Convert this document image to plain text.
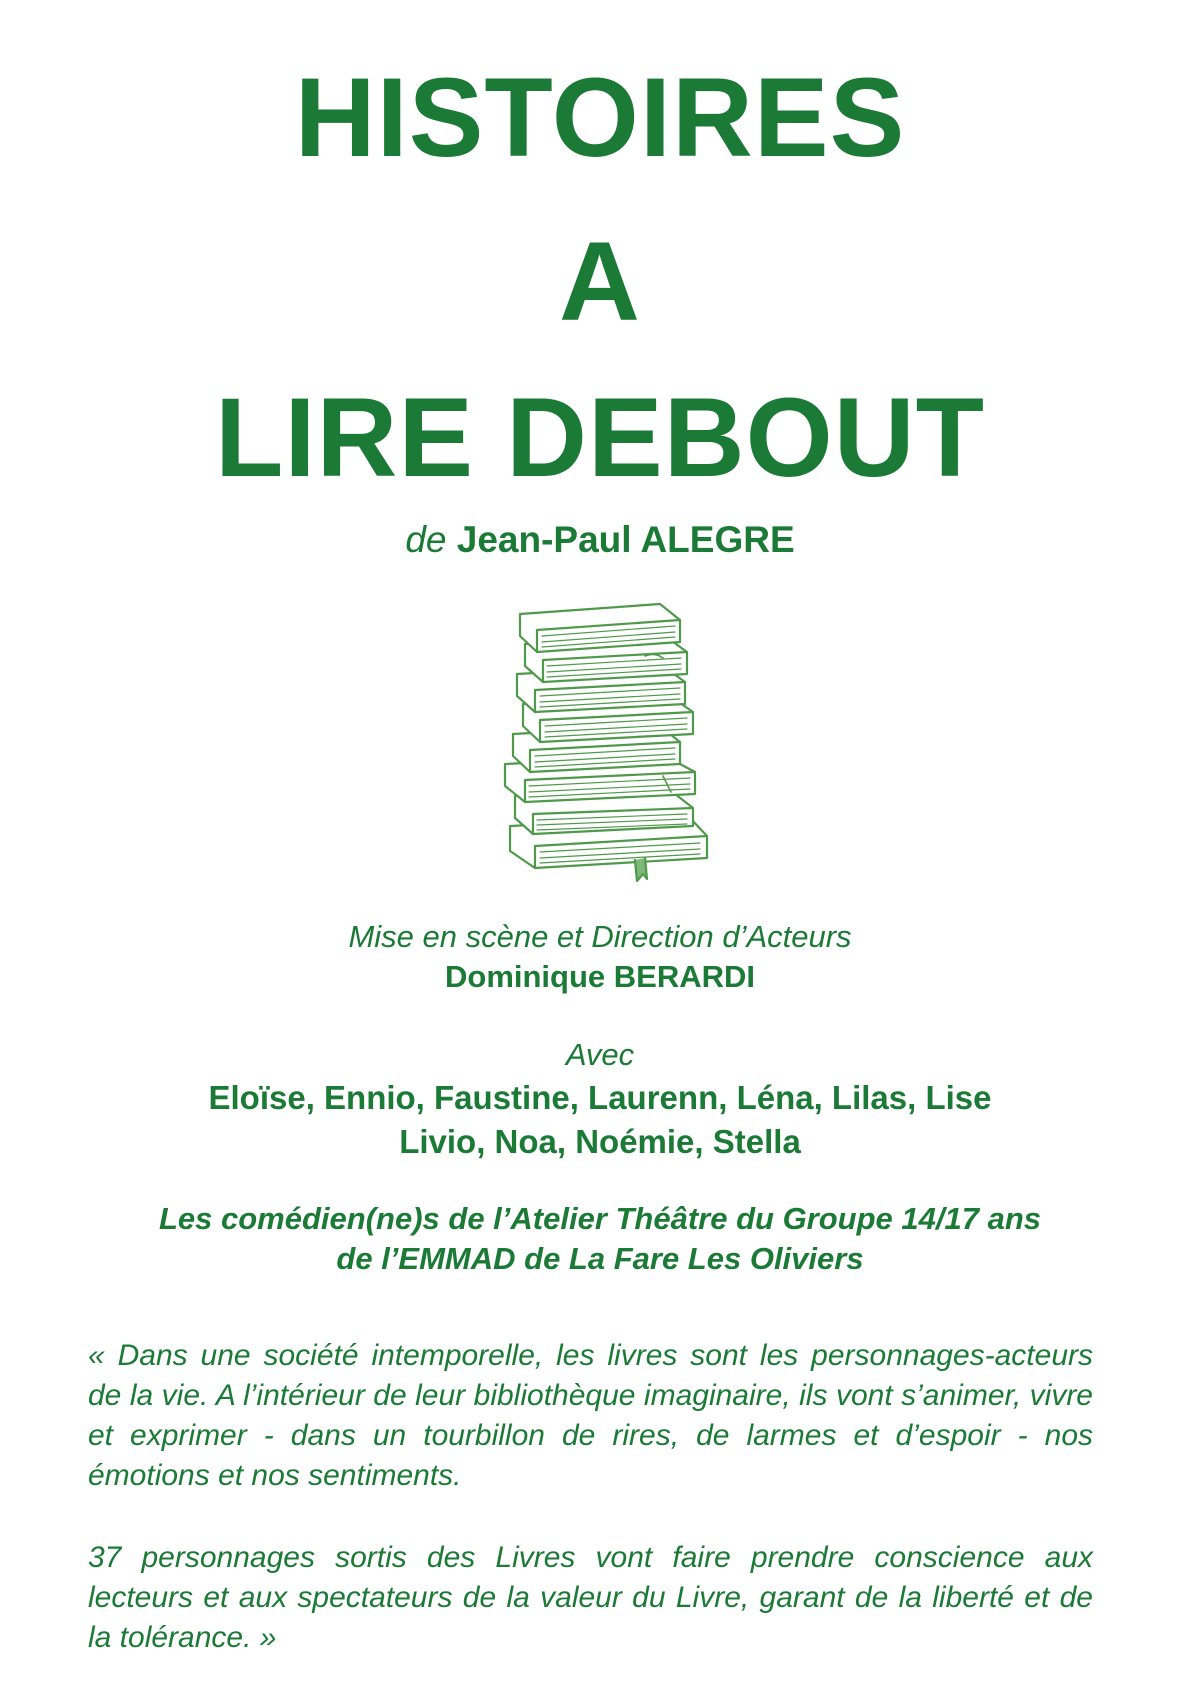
HISTOIRES
A
LIRE DEBOUT
de Jean-Paul ALEGRE
Mise en scène et Direction d’Acteurs
Dominique BERARDI
Avec
Eloïse, Ennio, Faustine, Laurenn, Léna, Lilas, Lise
Livio, Noa, Noémie, Stella
Les comédien(ne)s de l’Atelier Théâtre du Groupe 14/17 ans
de l’EMMAD de La Fare Les Oliviers
« Dans une société intemporelle, les livres sont les personnages-acteurs de la vie. A l’intérieur de leur bibliothèque imaginaire, ils vont s’animer, vivre et exprimer - dans un tourbillon de rires, de larmes et d’espoir - nos émotions et nos sentiments.
37 personnages sortis des Livres vont faire prendre conscience aux lecteurs et aux spectateurs de la valeur du Livre, garant de la liberté et de la tolérance. »
